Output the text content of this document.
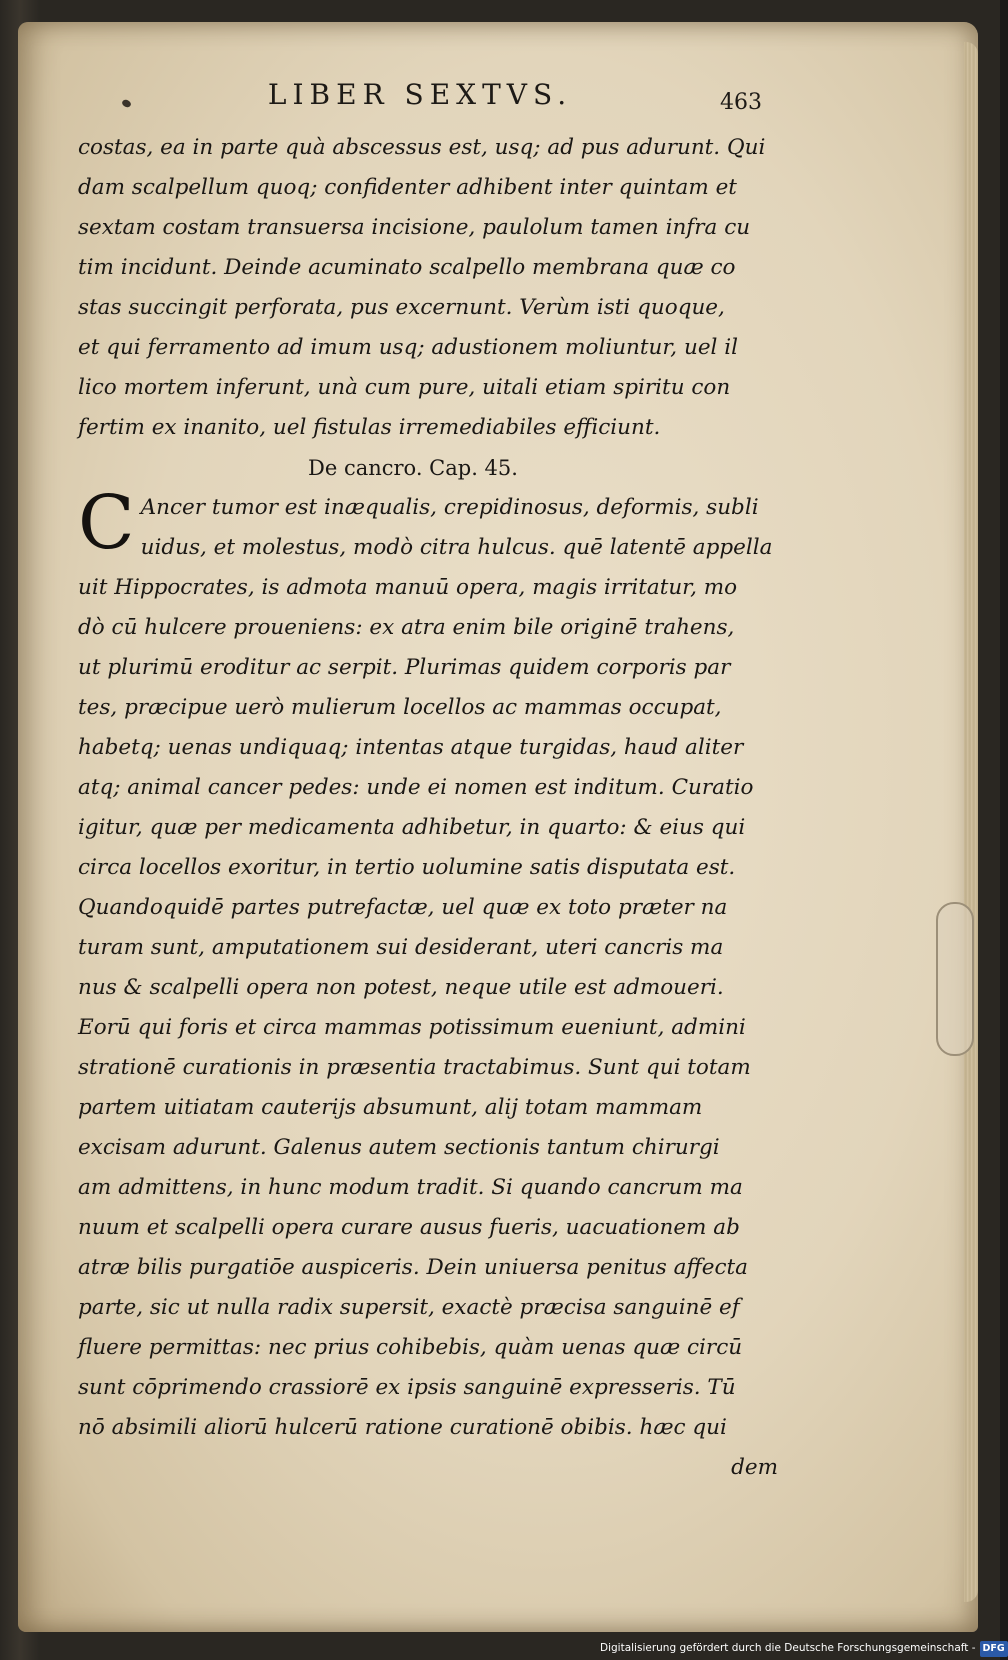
LIBER SEXTVS.	463
costas, ea in parte quà abscessus est, usq; ad pus adurunt. Qui
dam scalpellum quoq; confidenter adhibent inter quintam et
sextam costam transuersa incisione, paulolum tamen infra cu
tim incidunt. Deinde acuminato scalpello membrana quæ co
stas succingit perforata, pus excernunt. Verùm isti quoque,
et qui ferramento ad imum usq; adustionem moliuntur, uel il
lico mortem inferunt, unà cum pure, uitali etiam spiritu con
fertim ex inanito, uel fistulas irremediabiles efficiunt.
De cancro. Cap. 45.
C Ancer tumor est inæqualis, crepidinosus, deformis, subli
uidus, et molestus, modò citra hulcus. quē latentē appella
uit Hippocrates, is admota manuū opera, magis irritatur, mo
dò cū hulcere proueniens: ex atra enim bile originē trahens,
ut plurimū eroditur ac serpit. Plurimas quidem corporis par
tes, præcipue uerò mulierum locellos ac mammas occupat,
habetq; uenas undiquaq; intentas atque turgidas, haud aliter
atq; animal cancer pedes: unde ei nomen est inditum. Curatio
igitur, quæ per medicamenta adhibetur, in quarto: & eius qui
circa locellos exoritur, in tertio uolumine satis disputata est.
Quandoquidē partes putrefactæ, uel quæ ex toto præter na
turam sunt, amputationem sui desiderant, uteri cancris ma
nus & scalpelli opera non potest, neque utile est admoueri.
Eorū qui foris et circa mammas potissimum eueniunt, admini
strationē curationis in præsentia tractabimus. Sunt qui totam
partem uitiatam cauterijs absumunt, alij totam mammam
excisam adurunt. Galenus autem sectionis tantum chirurgi
am admittens, in hunc modum tradit. Si quando cancrum ma
nuum et scalpelli opera curare ausus fueris, uacuationem ab
atræ bilis purgatiōe auspiceris. Dein uniuersa penitus affecta
parte, sic ut nulla radix supersit, exactè præcisa sanguinē ef
fluere permittas: nec prius cohibebis, quàm uenas quæ circū
sunt cōprimendo crassiorē ex ipsis sanguinē expresseris. Tū
nō absimili aliorū hulcerū ratione curationē obibis. hæc qui
dem
Digitalisierung gefördert durch die Deutsche Forschungsgemeinschaft - DFG
